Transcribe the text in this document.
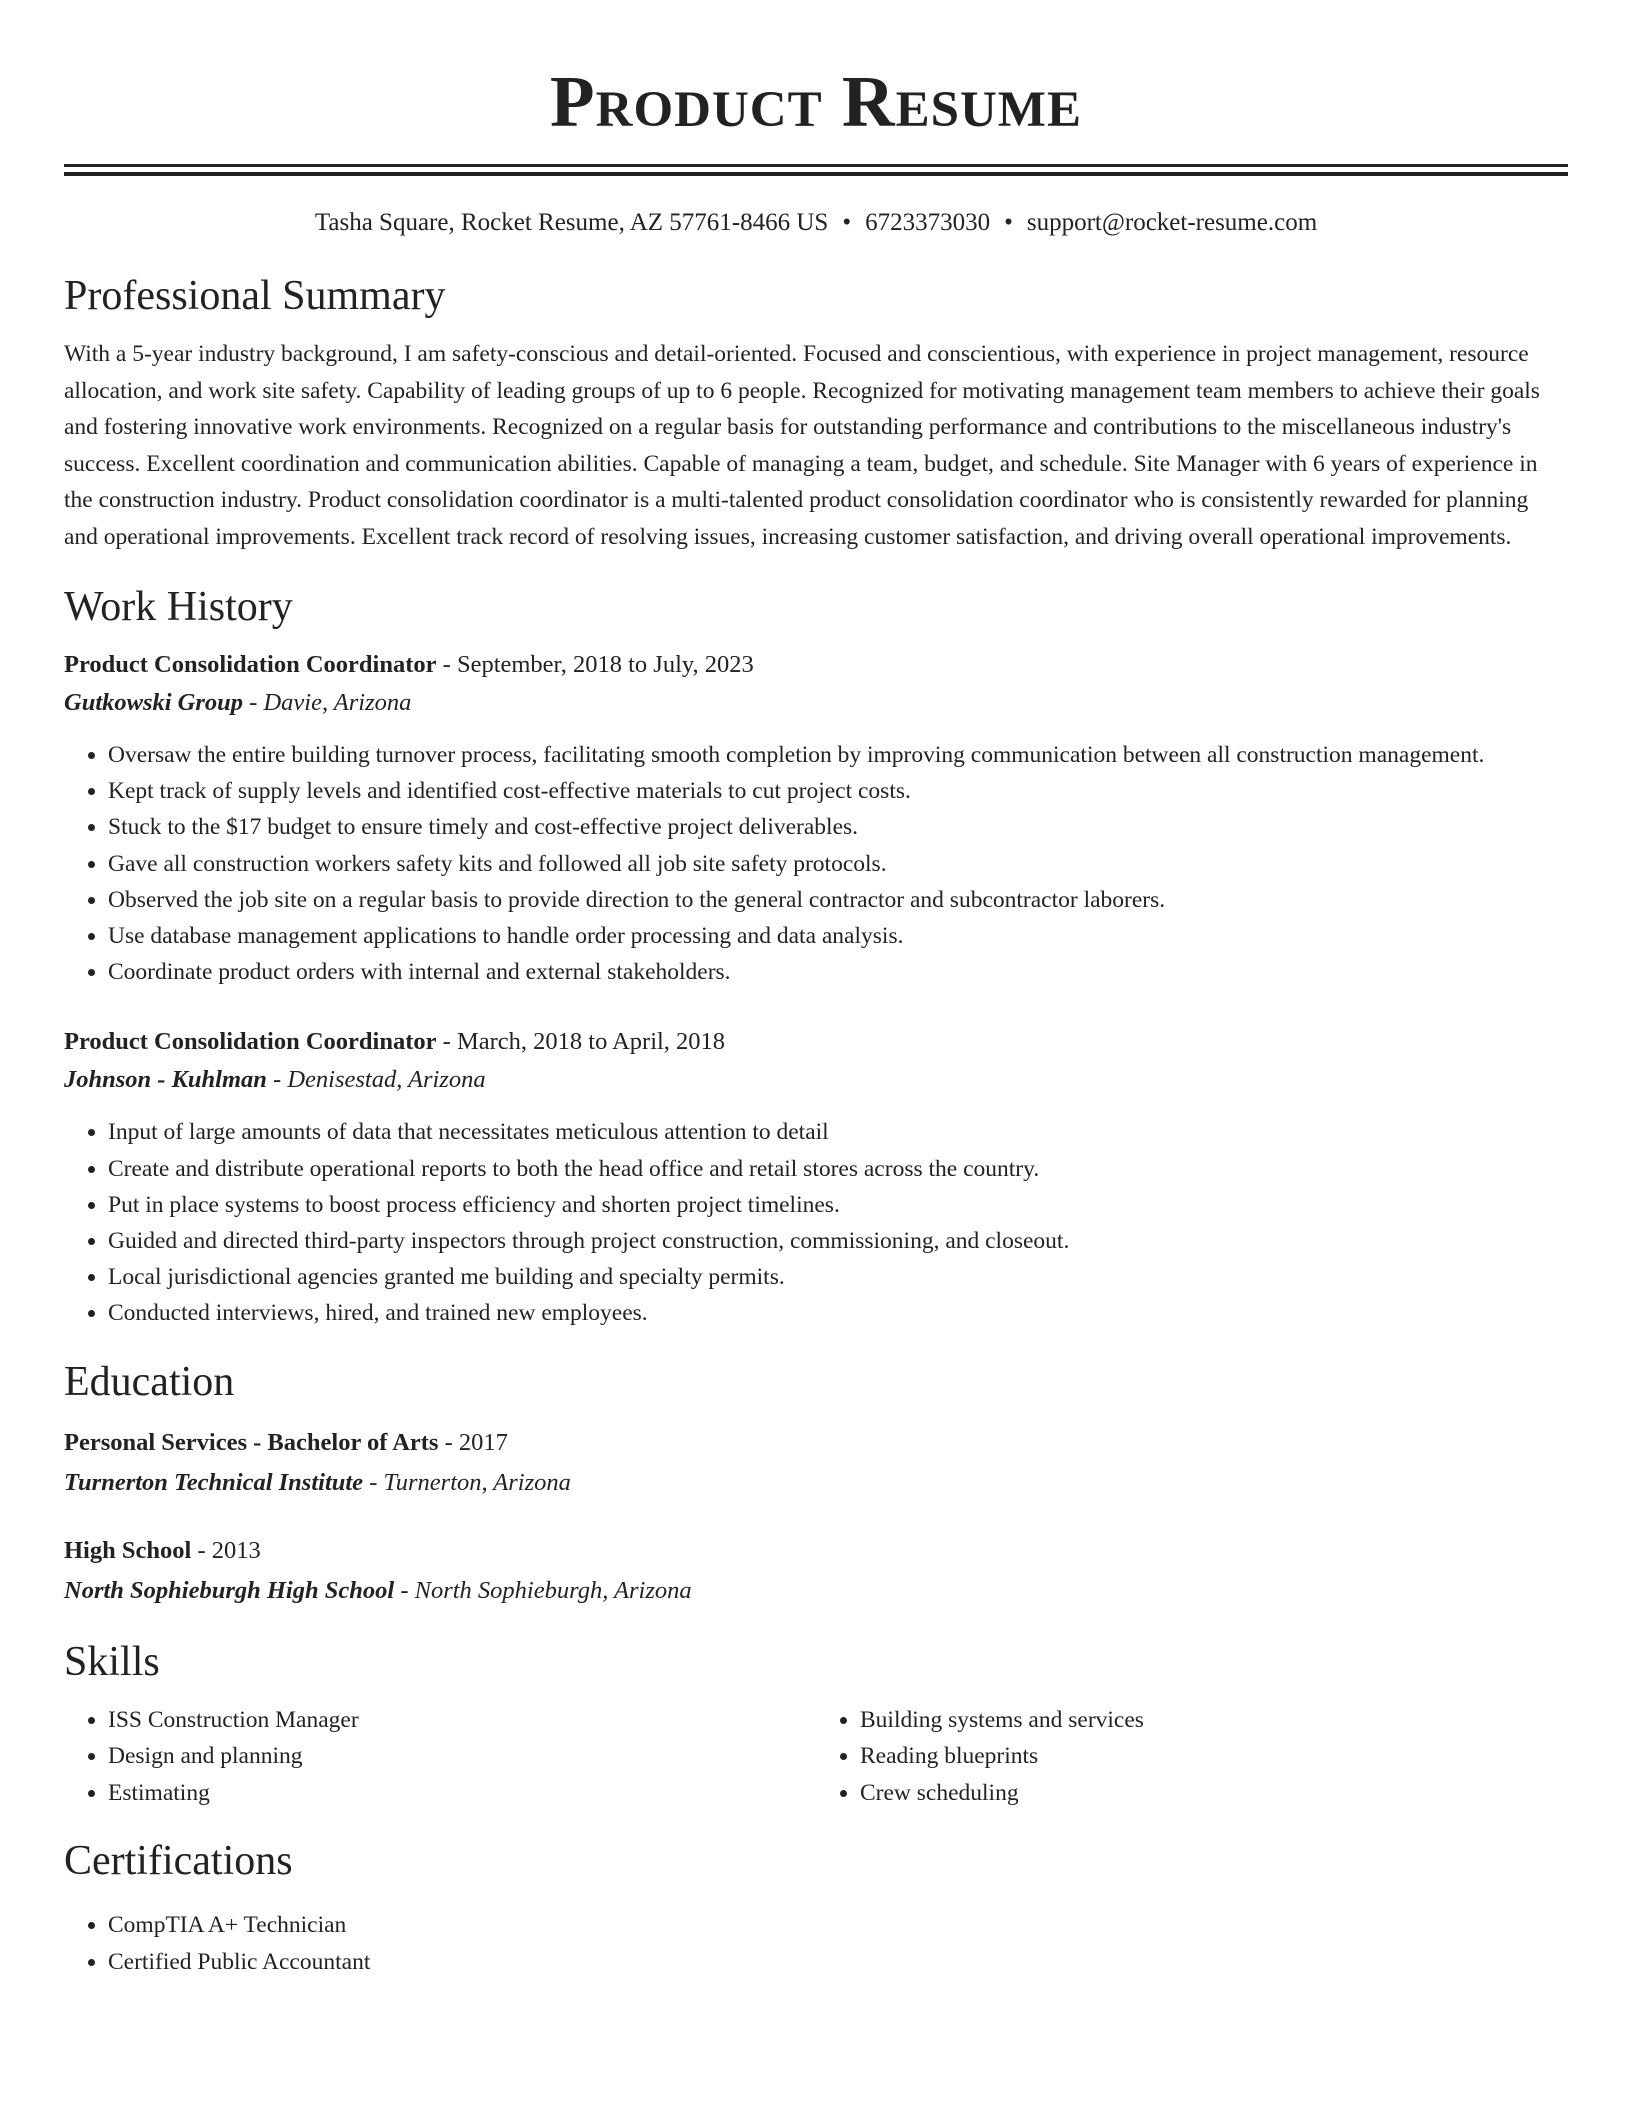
Product Resume
Tasha Square, Rocket Resume, AZ 57761-8466 US • 6723373030 • support@rocket-resume.com
Professional Summary
With a 5-year industry background, I am safety-conscious and detail-oriented. Focused and conscientious, with experience in project management, resource allocation, and work site safety. Capability of leading groups of up to 6 people. Recognized for motivating management team members to achieve their goals and fostering innovative work environments. Recognized on a regular basis for outstanding performance and contributions to the miscellaneous industry's success. Excellent coordination and communication abilities. Capable of managing a team, budget, and schedule. Site Manager with 6 years of experience in the construction industry. Product consolidation coordinator is a multi-talented product consolidation coordinator who is consistently rewarded for planning and operational improvements. Excellent track record of resolving issues, increasing customer satisfaction, and driving overall operational improvements.
Work History
Product Consolidation Coordinator - September, 2018 to July, 2023
Gutkowski Group - Davie, Arizona
• Oversaw the entire building turnover process, facilitating smooth completion by improving communication between all construction management.
• Kept track of supply levels and identified cost-effective materials to cut project costs.
• Stuck to the $17 budget to ensure timely and cost-effective project deliverables.
• Gave all construction workers safety kits and followed all job site safety protocols.
• Observed the job site on a regular basis to provide direction to the general contractor and subcontractor laborers.
• Use database management applications to handle order processing and data analysis.
• Coordinate product orders with internal and external stakeholders.
Product Consolidation Coordinator - March, 2018 to April, 2018
Johnson - Kuhlman - Denisestad, Arizona
• Input of large amounts of data that necessitates meticulous attention to detail
• Create and distribute operational reports to both the head office and retail stores across the country.
• Put in place systems to boost process efficiency and shorten project timelines.
• Guided and directed third-party inspectors through project construction, commissioning, and closeout.
• Local jurisdictional agencies granted me building and specialty permits.
• Conducted interviews, hired, and trained new employees.
Education
Personal Services - Bachelor of Arts - 2017
Turnerton Technical Institute - Turnerton, Arizona
High School - 2013
North Sophieburgh High School - North Sophieburgh, Arizona
Skills
• ISS Construction Manager
• Design and planning
• Estimating
• Building systems and services
• Reading blueprints
• Crew scheduling
Certifications
• CompTIA A+ Technician
• Certified Public Accountant
